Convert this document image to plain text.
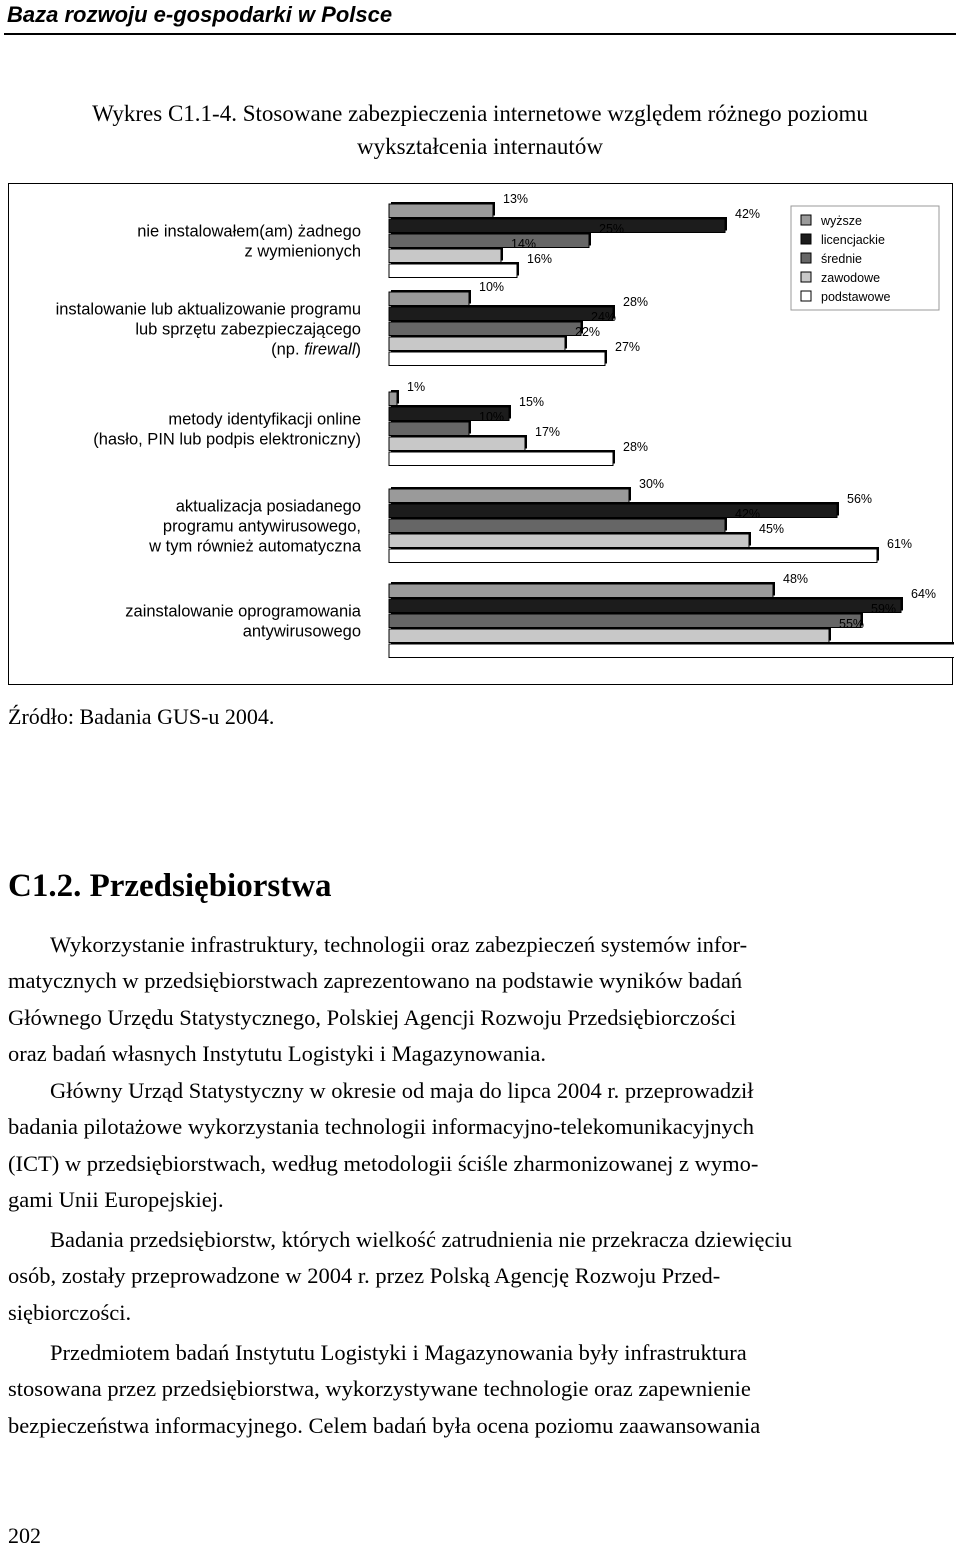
Baza rozwoju e-gospodarki w Polsce
Wykres C1.1-4. Stosowane zabezpieczenia internetowe względem różnego poziomu
wykształcenia internautów
nie instalowałem(am) żadnego
z wymienionych
instalowanie lub aktualizowanie programu
lub sprzętu zabezpieczającego
(np. firewall)
metody identyfikacji online
(hasło, PIN lub podpis elektroniczny)
aktualizacja posiadanego
programu antywirusowego,
w tym również automatyczna
zainstalowanie oprogramowania
antywirusowego
13%
42%
25%
14%
16%
10%
28%
24%
22%
27%
1%
15%
10%
17%
28%
30%
56%
42%
45%
61%
48%
64%
59%
55%
wyższe
licencjackie
średnie
zawodowe
podstawowe
Źródło: Badania GUS-u 2004.
C1.2. Przedsiębiorstwa
Wykorzystanie infrastruktury, technologii oraz zabezpieczeń systemów infor-
matycznych w przedsiębiorstwach zaprezentowano na podstawie wyników badań
Głównego Urzędu Statystycznego, Polskiej Agencji Rozwoju Przedsiębiorczości
oraz badań własnych Instytutu Logistyki i Magazynowania.
Główny Urząd Statystyczny w okresie od maja do lipca 2004 r. przeprowadził
badania pilotażowe wykorzystania technologii informacyjno-telekomunikacyjnych
(ICT) w przedsiębiorstwach, według metodologii ściśle zharmonizowanej z wymo-
gami Unii Europejskiej.
Badania przedsiębiorstw, których wielkość zatrudnienia nie przekracza dziewięciu
osób, zostały przeprowadzone w 2004 r. przez Polską Agencję Rozwoju Przed-
siębiorczości.
Przedmiotem badań Instytutu Logistyki i Magazynowania były infrastruktura
stosowana przez przedsiębiorstwa, wykorzystywane technologie oraz zapewnienie
bezpieczeństwa informacyjnego. Celem badań była ocena poziomu zaawansowania
202
